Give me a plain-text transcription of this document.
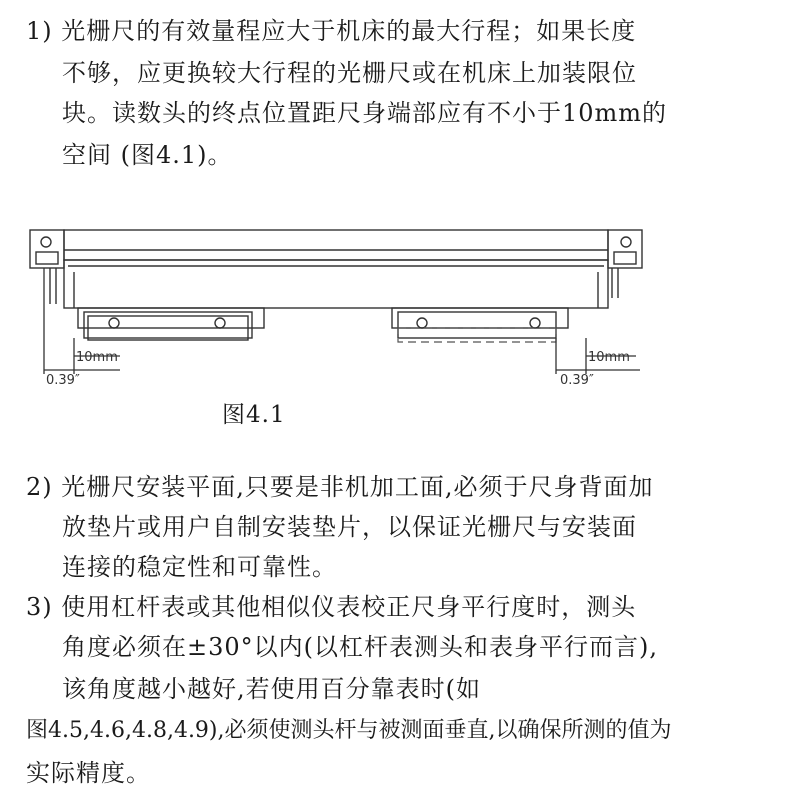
1) 光栅尺的有效量程应大于机床的最大行程；如果长度
不够，应更换较大行程的光栅尺或在机床上加装限位
块。读数头的终点位置距尺身端部应有不小于10mm的
空间 (图4.1)。
10mm
0.39″
10mm
0.39″
图4.1
2) 光栅尺安装平面,只要是非机加工面,必须于尺身背面加
放垫片或用户自制安装垫片，以保证光栅尺与安装面
连接的稳定性和可靠性。
3) 使用杠杆表或其他相似仪表校正尺身平行度时，测头
角度必须在±30°以内(以杠杆表测头和表身平行而言),
该角度越小越好,若使用百分靠表时(如
图4.5,4.6,4.8,4.9),必须使测头杆与被测面垂直,以确保所测的值为
实际精度。
